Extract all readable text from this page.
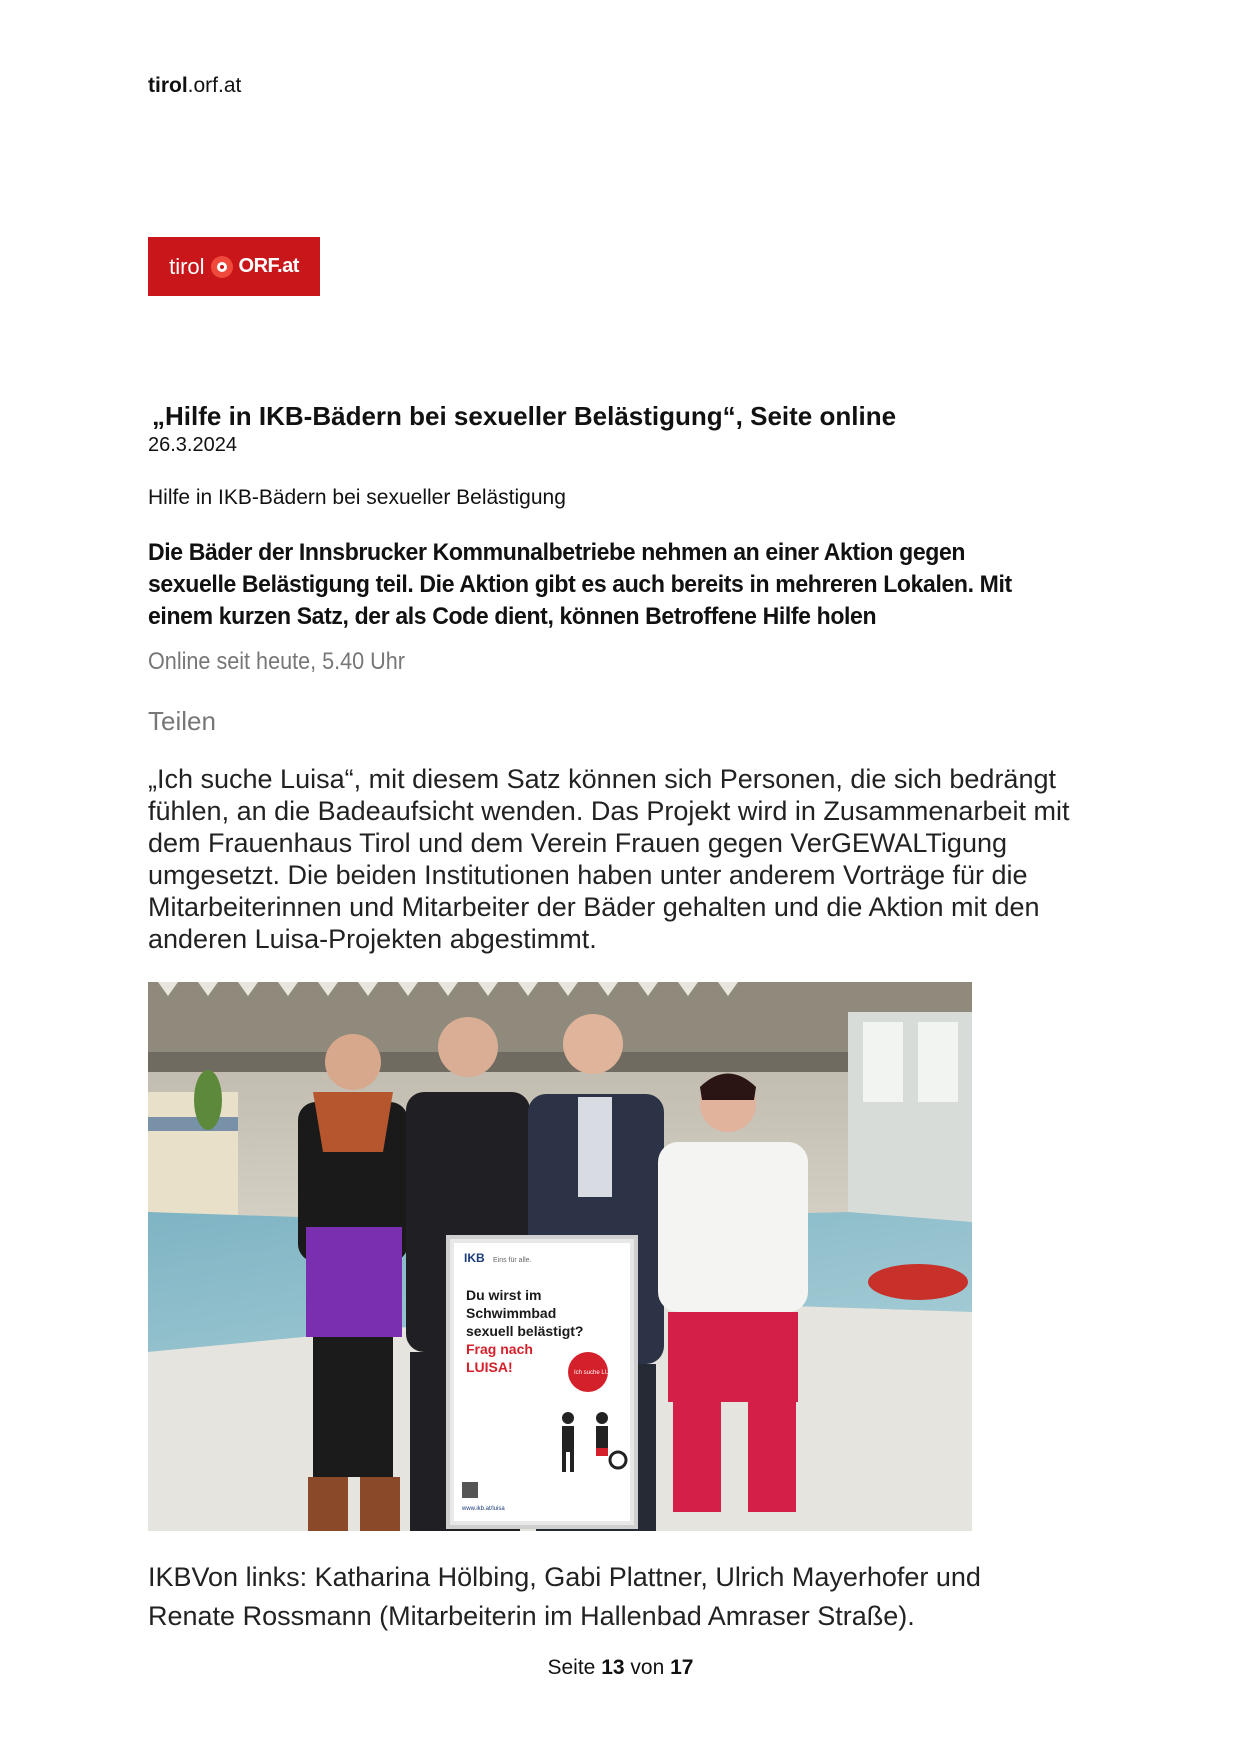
tirol.orf.at
tirol ORF.at
„Hilfe in IKB-Bädern bei sexueller Belästigung“, Seite online
26.3.2024
Hilfe in IKB-Bädern bei sexueller Belästigung
Die Bäder der Innsbrucker Kommunalbetriebe nehmen an einer Aktion gegen sexuelle Belästigung teil. Die Aktion gibt es auch bereits in mehreren Lokalen. Mit einem kurzen Satz, der als Code dient, können Betroffene Hilfe holen
Online seit heute, 5.40 Uhr
Teilen
„Ich suche Luisa“, mit diesem Satz können sich Personen, die sich bedrängt fühlen, an die Badeaufsicht wenden. Das Projekt wird in Zusammenarbeit mit dem Frauenhaus Tirol und dem Verein Frauen gegen VerGEWALTigung umgesetzt. Die beiden Institutionen haben unter anderem Vorträge für die Mitarbeiterinnen und Mitarbeiter der Bäder gehalten und die Aktion mit den anderen Luisa-Projekten abgestimmt.
IKB Eins für alle.
Du wirst im
Schwimmbad
sexuell belästigt?
Frag nach
LUISA!	Ich suche LUISA!
www.ikb.at/luisa
IKBVon links: Katharina Hölbing, Gabi Plattner, Ulrich Mayerhofer und Renate Rossmann (Mitarbeiterin im Hallenbad Amraser Straße).
Seite 13 von 17
